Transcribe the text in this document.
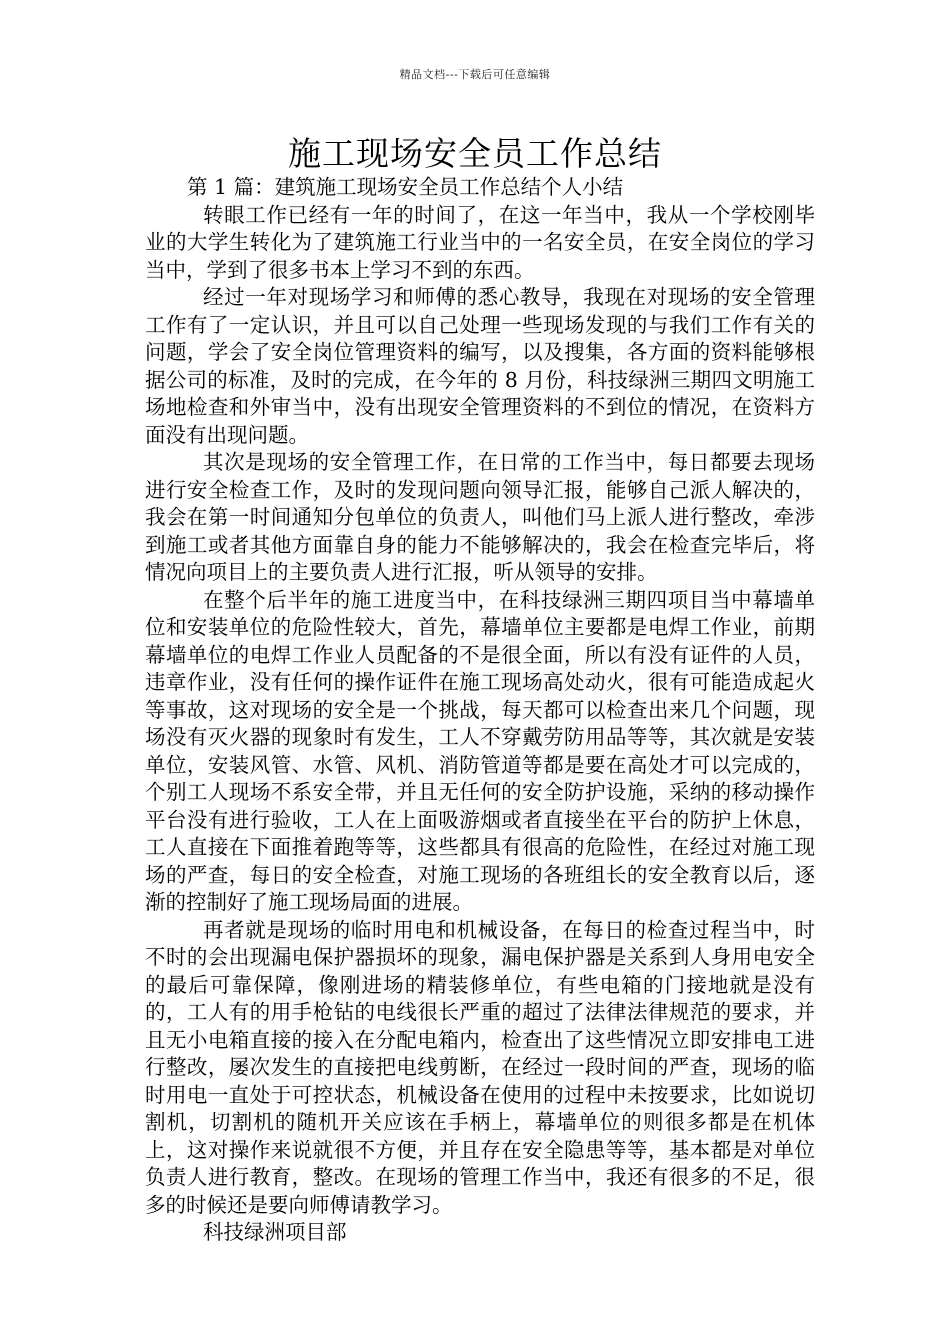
精品文档---下载后可任意编辑
施工现场安全员工作总结
第 1 篇：建筑施工现场安全员工作总结个人小结

转眼工作已经有一年的时间了，在这一年当中，我从一个学校刚毕业的大学生转化为了建筑施工行业当中的一名安全员，在安全岗位的学习当中，学到了很多书本上学习不到的东西。

经过一年对现场学习和师傅的悉心教导，我现在对现场的安全管理工作有了一定认识，并且可以自己处理一些现场发现的与我们工作有关的问题，学会了安全岗位管理资料的编写，以及搜集，各方面的资料能够根据公司的标准，及时的完成，在今年的 8 月份，科技绿洲三期四文明施工场地检查和外审当中，没有出现安全管理资料的不到位的情况，在资料方面没有出现问题。

其次是现场的安全管理工作，在日常的工作当中，每日都要去现场进行安全检查工作，及时的发现问题向领导汇报，能够自己派人解决的，我会在第一时间通知分包单位的负责人，叫他们马上派人进行整改，牵涉到施工或者其他方面靠自身的能力不能够解决的，我会在检查完毕后，将情况向项目上的主要负责人进行汇报，听从领导的安排。

在整个后半年的施工进度当中，在科技绿洲三期四项目当中幕墙单位和安装单位的危险性较大，首先，幕墙单位主要都是电焊工作业，前期幕墙单位的电焊工作业人员配备的不是很全面，所以有没有证件的人员，违章作业，没有任何的操作证件在施工现场高处动火，很有可能造成起火等事故，这对现场的安全是一个挑战，每天都可以检查出来几个问题，现场没有灭火器的现象时有发生，工人不穿戴劳防用品等等，其次就是安装单位，安装风管、水管、风机、消防管道等都是要在高处才可以完成的，个别工人现场不系安全带，并且无任何的安全防护设施，采纳的移动操作平台没有进行验收，工人在上面吸游烟或者直接坐在平台的防护上休息，工人直接在下面推着跑等等，这些都具有很高的危险性，在经过对施工现场的严查，每日的安全检查，对施工现场的各班组长的安全教育以后，逐渐的控制好了施工现场局面的进展。

再者就是现场的临时用电和机械设备，在每日的检查过程当中，时不时的会出现漏电保护器损坏的现象，漏电保护器是关系到人身用电安全的最后可靠保障，像刚进场的精装修单位，有些电箱的门接地就是没有的，工人有的用手枪钻的电线很长严重的超过了法律法律规范的要求，并且无小电箱直接的接入在分配电箱内，检查出了这些情况立即安排电工进行整改，屡次发生的直接把电线剪断，在经过一段时间的严查，现场的临时用电一直处于可控状态，机械设备在使用的过程中未按要求，比如说切割机，切割机的随机开关应该在手柄上，幕墙单位的则很多都是在机体上，这对操作来说就很不方便，并且存在安全隐患等等，基本都是对单位负责人进行教育，整改。在现场的管理工作当中，我还有很多的不足，很多的时候还是要向师傅请教学习。

科技绿洲项目部
